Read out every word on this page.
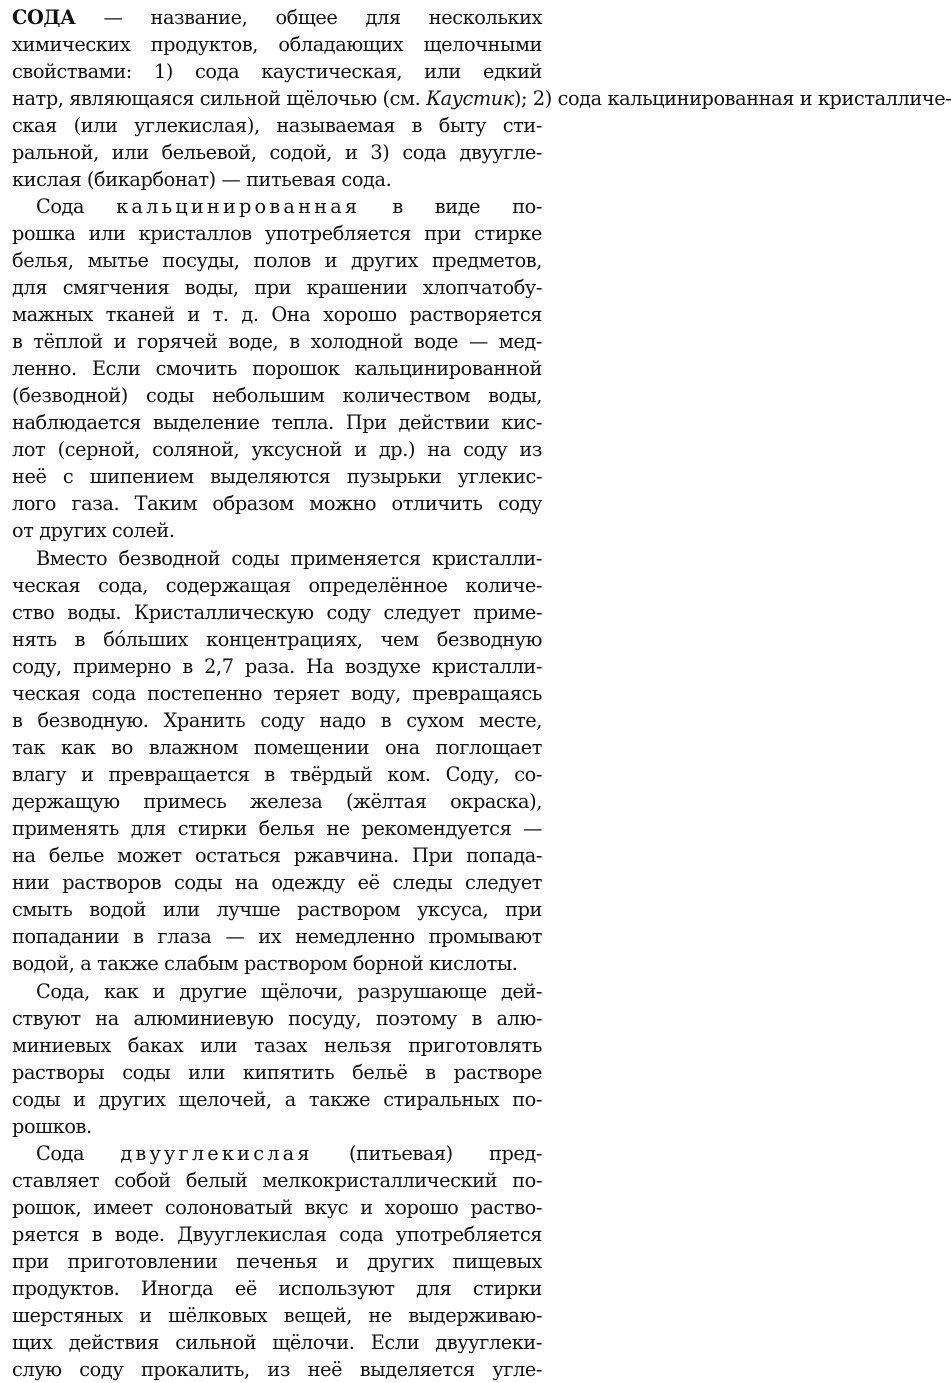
СОДА — название, общее для нескольких
химических продуктов, обладающих щелочными
свойствами: 1) сода каустическая, или едкий
натр, являющаяся сильной щёлочью (см. Каустик); 2) сода кальцинированная и кристалличе-
ская (или углекислая), называемая в быту сти-
ральной, или бельевой, содой, и 3) сода двуугле-
кислая (бикарбонат) — питьевая сода.
Сода кальцинированная в виде по-
рошка или кристаллов употребляется при стирке
белья, мытье посуды, полов и других предметов,
для смягчения воды, при крашении хлопчатобу-
мажных тканей и т. д. Она хорошо растворяется
в тёплой и горячей воде, в холодной воде — мед-
ленно. Если смочить порошок кальцинированной
(безводной) соды небольшим количеством воды,
наблюдается выделение тепла. При действии кис-
лот (серной, соляной, уксусной и др.) на соду из
неё с шипением выделяются пузырьки углекис-
лого газа. Таким образом можно отличить соду
от других солей.
Вместо безводной соды применяется кристалли-
ческая сода, содержащая определённое количе-
ство воды. Кристаллическую соду следует приме-
нять в бóльших концентрациях, чем безводную
соду, примерно в 2,7 раза. На воздухе кристалли-
ческая сода постепенно теряет воду, превращаясь
в безводную. Хранить соду надо в сухом месте,
так как во влажном помещении она поглощает
влагу и превращается в твёрдый ком. Соду, со-
держащую примесь железа (жёлтая окраска),
применять для стирки белья не рекомендуется —
на белье может остаться ржавчина. При попада-
нии растворов соды на одежду её следы следует
смыть водой или лучше раствором уксуса, при
попадании в глаза — их немедленно промывают
водой, а также слабым раствором борной кислоты.
Сода, как и другие щёлочи, разрушающе дей-
ствуют на алюминиевую посуду, поэтому в алю-
миниевых баках или тазах нельзя приготовлять
растворы соды или кипятить бельё в растворе
соды и других щелочей, а также стиральных по-
рошков.
Сода двууглекислая (питьевая) пред-
ставляет собой белый мелкокристаллический по-
рошок, имеет солоноватый вкус и хорошо раство-
ряется в воде. Двууглекислая сода употребляется
при приготовлении печенья и других пищевых
продуктов. Иногда её используют для стирки
шерстяных и шёлковых вещей, не выдерживаю-
щих действия сильной щёлочи. Если двууглеки-
слую соду прокалить, из неё выделяется угле-
